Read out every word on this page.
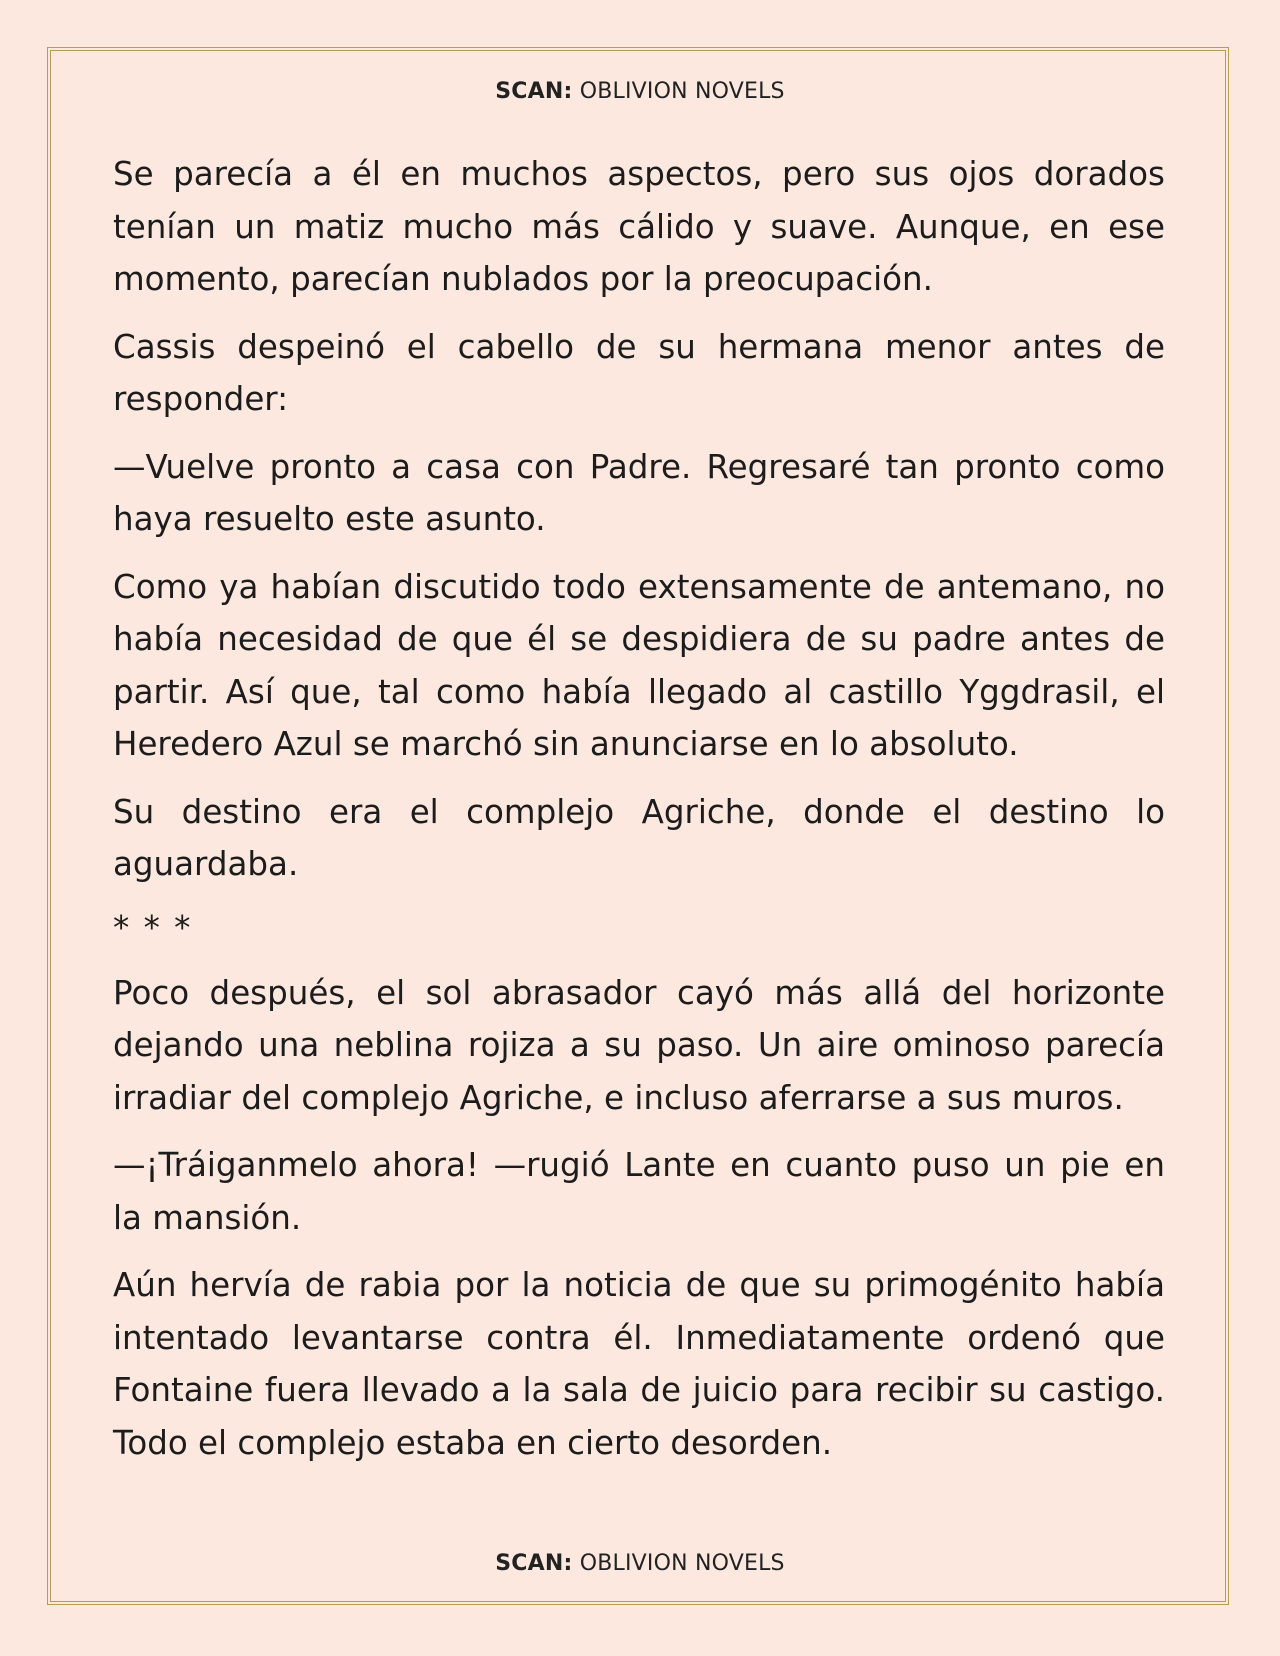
SCAN: OBLIVION NOVELS

Se parecía a él en muchos aspectos, pero sus ojos dorados tenían un matiz mucho más cálido y suave. Aunque, en ese momento, parecían nublados por la preocupación.

Cassis despeinó el cabello de su hermana menor antes de responder:

—Vuelve pronto a casa con Padre. Regresaré tan pronto como haya resuelto este asunto.

Como ya habían discutido todo extensamente de antemano, no había necesidad de que él se despidiera de su padre antes de partir. Así que, tal como había llegado al castillo Yggdrasil, el Heredero Azul se marchó sin anunciarse en lo absoluto.

Su destino era el complejo Agriche, donde el destino lo aguardaba.

* * *

Poco después, el sol abrasador cayó más allá del horizonte dejando una neblina rojiza a su paso. Un aire ominoso parecía irradiar del complejo Agriche, e incluso aferrarse a sus muros.

—¡Tráiganmelo ahora! —rugió Lante en cuanto puso un pie en la mansión.

Aún hervía de rabia por la noticia de que su primogénito había intentado levantarse contra él. Inmediatamente ordenó que Fontaine fuera llevado a la sala de juicio para recibir su castigo. Todo el complejo estaba en cierto desorden.

SCAN: OBLIVION NOVELS
